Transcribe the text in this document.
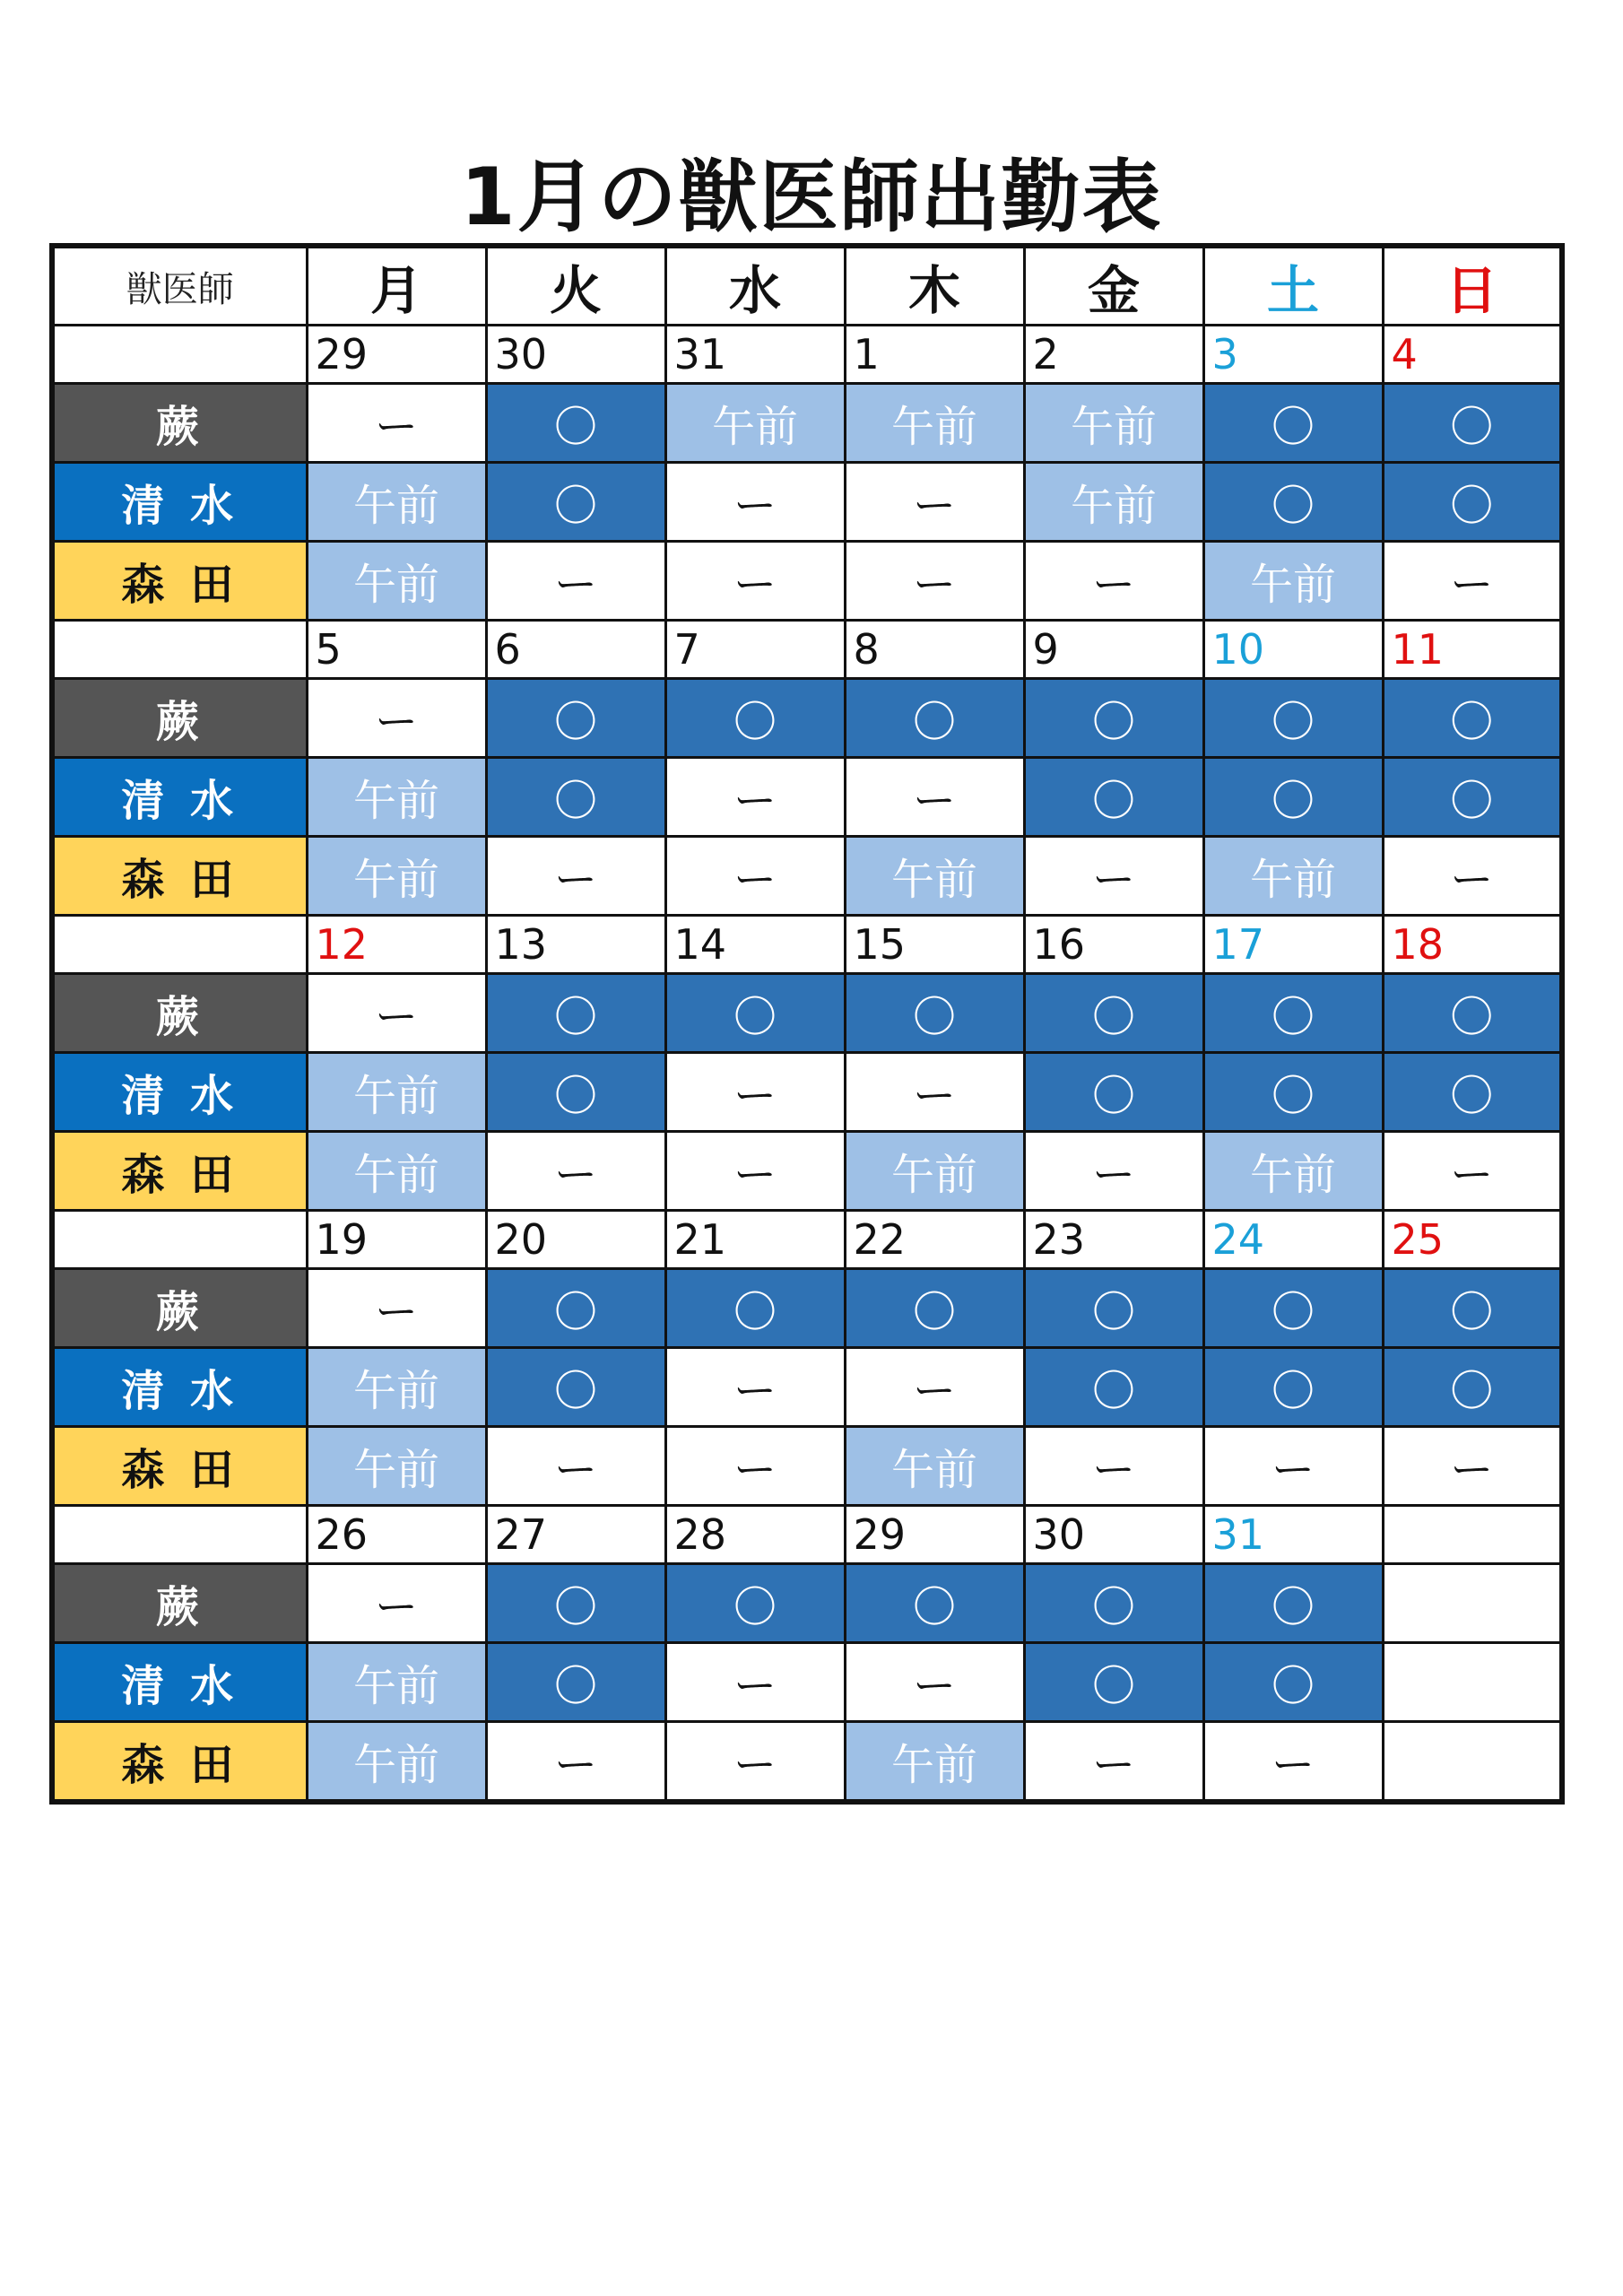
1月の獣医師出勤表
獣医師	月	火	水	木	金	土	日
	29	30	31	1	2	3	4
蕨	ー	〇	午前	午前	午前	〇	〇
清 水	午前	〇	ー	ー	午前	〇	〇
森 田	午前	ー	ー	ー	ー	午前	ー
	5	6	7	8	9	10	11
蕨	ー	〇	〇	〇	〇	〇	〇
清 水	午前	〇	ー	ー	〇	〇	〇
森 田	午前	ー	ー	午前	ー	午前	ー
	12	13	14	15	16	17	18
蕨	ー	〇	〇	〇	〇	〇	〇
清 水	午前	〇	ー	ー	〇	〇	〇
森 田	午前	ー	ー	午前	ー	午前	ー
	19	20	21	22	23	24	25
蕨	ー	〇	〇	〇	〇	〇	〇
清 水	午前	〇	ー	ー	〇	〇	〇
森 田	午前	ー	ー	午前	ー	ー	ー
	26	27	28	29	30	31	
蕨	ー	〇	〇	〇	〇	〇	
清 水	午前	〇	ー	ー	〇	〇	
森 田	午前	ー	ー	午前	ー	ー	
